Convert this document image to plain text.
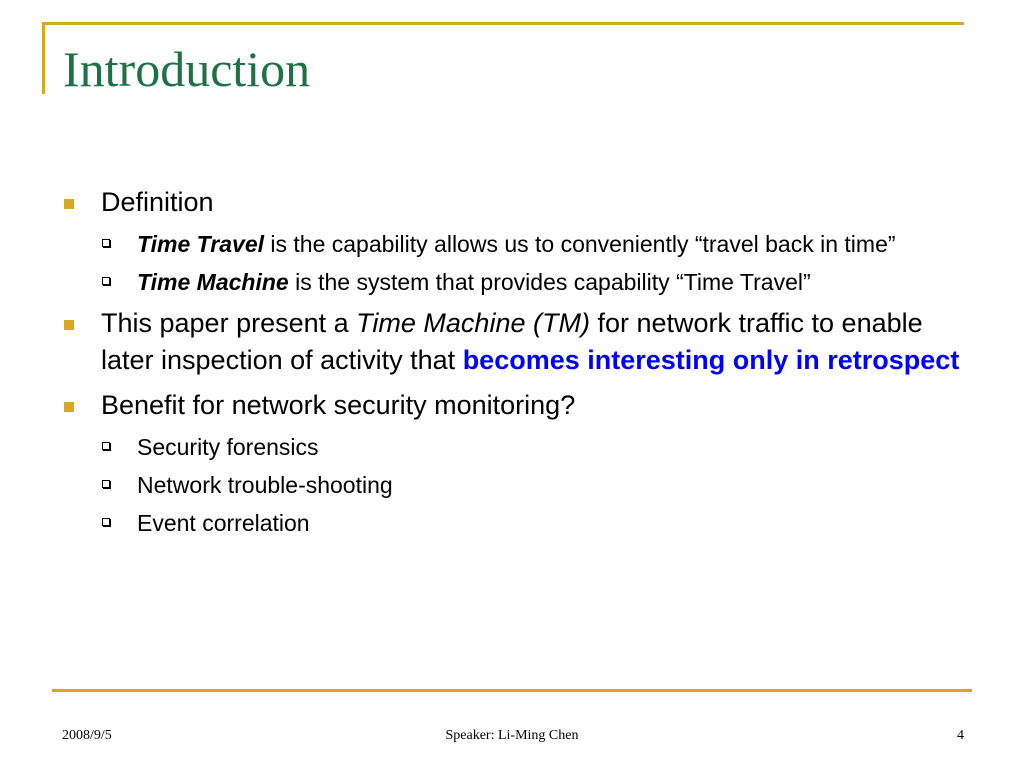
Introduction
Definition
Time Travel is the capability allows us to conveniently “travel back in time”
Time Machine is the system that provides capability “Time Travel”
This paper present a Time Machine (TM) for network traffic to enable later inspection of activity that becomes interesting only in retrospect
Benefit for network security monitoring?
Security forensics
Network trouble-shooting
Event correlation
2008/9/5	Speaker: Li-Ming Chen	4
